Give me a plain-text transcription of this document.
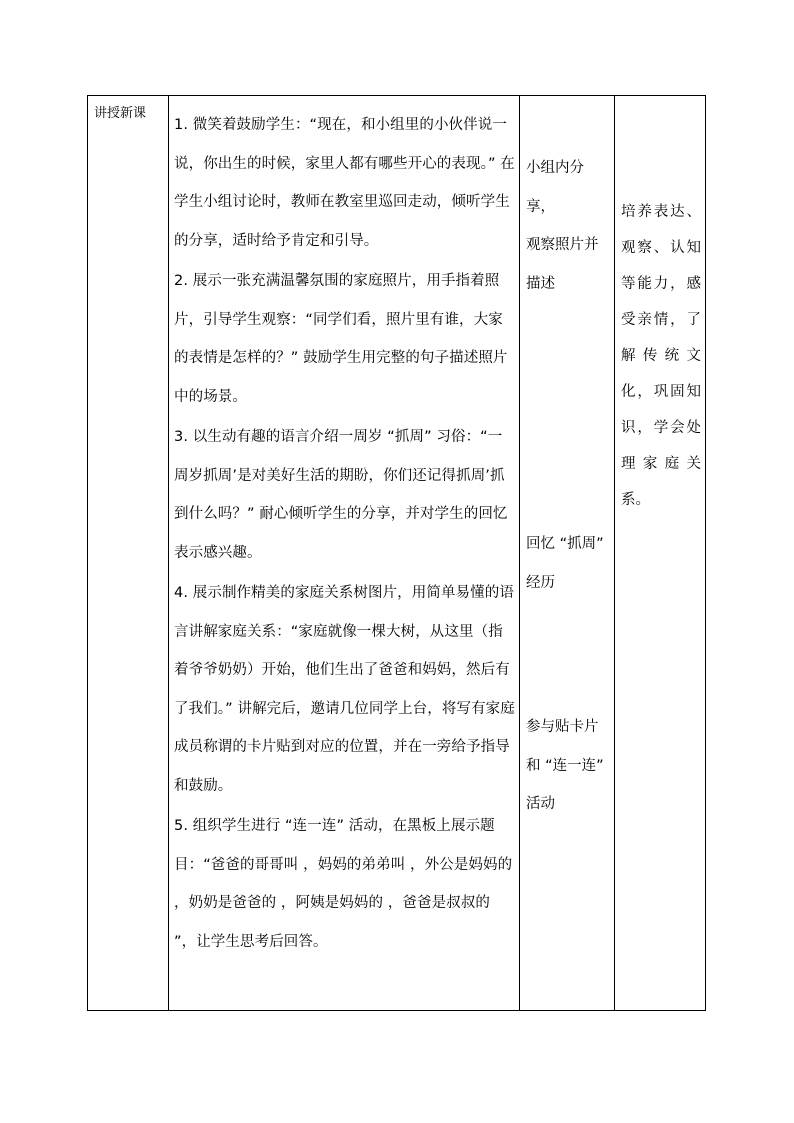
讲授新课

1. 微笑着鼓励学生：“现在，和小组里的小伙伴说一说，你出生的时候，家里人都有哪些开心的表现。” 在学生小组讨论时，教师在教室里巡回走动，倾听学生的分享，适时给予肯定和引导。

2. 展示一张充满温馨氛围的家庭照片，用手指着照片，引导学生观察：“同学们看，照片里有谁，大家的表情是怎样的？” 鼓励学生用完整的句子描述照片中的场景。

3. 以生动有趣的语言介绍一周岁 “抓周” 习俗：“一周岁抓周’是对美好生活的期盼，你们还记得抓周’抓到什么吗？” 耐心倾听学生的分享，并对学生的回忆表示感兴趣。

4. 展示制作精美的家庭关系树图片，用简单易懂的语言讲解家庭关系：“家庭就像一棵大树，从这里（指着爷爷奶奶）开始，他们生出了爸爸和妈妈，然后有了我们。” 讲解完后，邀请几位同学上台，将写有家庭成员称谓的卡片贴到对应的位置，并在一旁给予指导和鼓励。

5. 组织学生进行 “连一连” 活动，在黑板上展示题目：“爸爸的哥哥叫 ，妈妈的弟弟叫 ，外公是妈妈的 ，奶奶是爸爸的 ，阿姨是妈妈的 ，爸爸是叔叔的 ”，让学生思考后回答。

小组内分享，
观察照片并
描述
回忆 “抓周”
经历
参与贴卡片
和 “连一连”
活动
培养表达、观察、认知等能力，感受亲情，了解传统文化，巩固知识，学会处理家庭关系。
